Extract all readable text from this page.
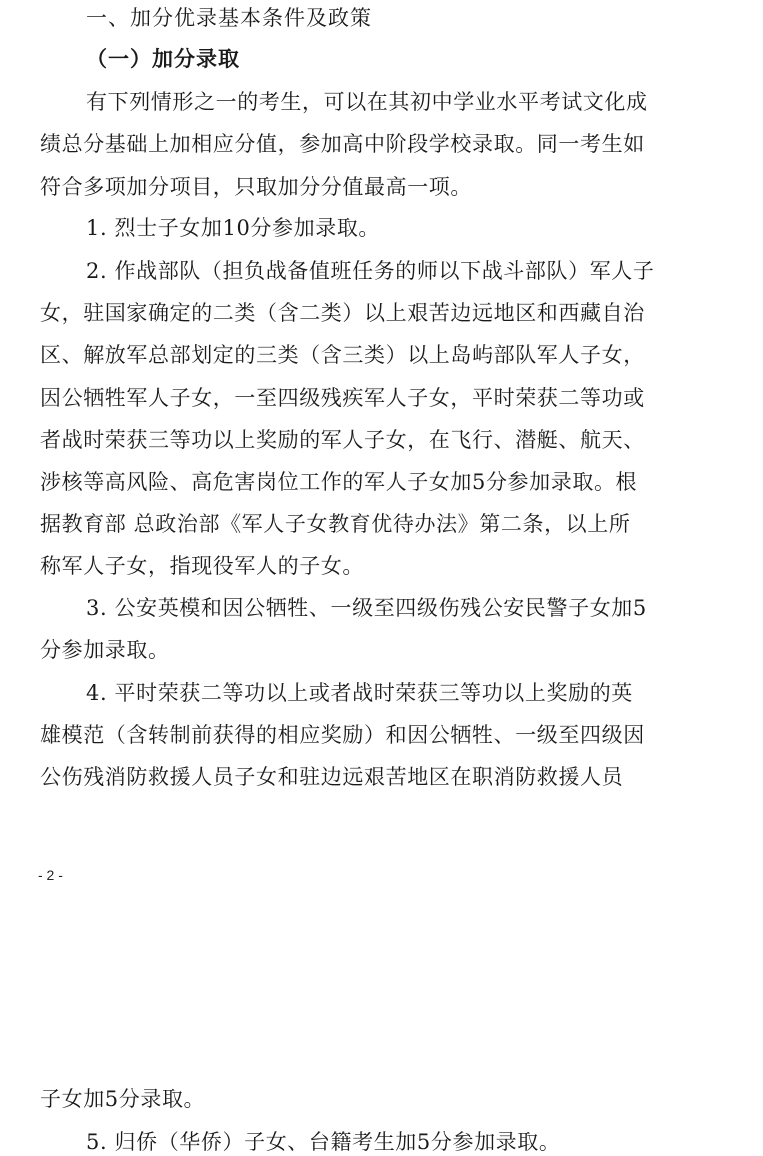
一、加分优录基本条件及政策
（一）加分录取
有下列情形之一的考生，可以在其初中学业水平考试文化成
绩总分基础上加相应分值，参加高中阶段学校录取。同一考生如
符合多项加分项目，只取加分分值最高一项。
1. 烈士子女加10分参加录取。
2. 作战部队（担负战备值班任务的师以下战斗部队）军人子
女，驻国家确定的二类（含二类）以上艰苦边远地区和西藏自治
区、解放军总部划定的三类（含三类）以上岛屿部队军人子女，
因公牺牲军人子女，一至四级残疾军人子女，平时荣获二等功或
者战时荣获三等功以上奖励的军人子女，在飞行、潜艇、航天、
涉核等高风险、高危害岗位工作的军人子女加5分参加录取。根
据教育部 总政治部《军人子女教育优待办法》第二条，以上所
称军人子女，指现役军人的子女。
3. 公安英模和因公牺牲、一级至四级伤残公安民警子女加5
分参加录取。
4. 平时荣获二等功以上或者战时荣获三等功以上奖励的英
雄模范（含转制前获得的相应奖励）和因公牺牲、一级至四级因
公伤残消防救援人员子女和驻边远艰苦地区在职消防救援人员
- 2 -
子女加5分录取。
5. 归侨（华侨）子女、台籍考生加5分参加录取。
